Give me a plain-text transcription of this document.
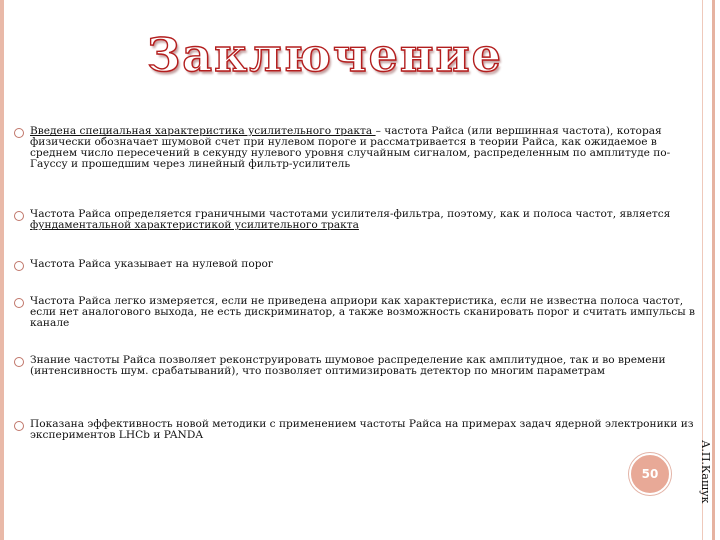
Заключение

Введена специальная характеристика усилительного тракта – частота Райса (или вершинная частота), которая физически обозначает шумовой счет при нулевом пороге и рассматривается в теории Райса, как ожидаемое в среднем число пересечений в секунду нулевого уровня случайным сигналом, распределенным по амплитуде по-Гауссу и прошедшим через линейный фильтр-усилитель

Частота Райса определяется граничными частотами усилителя-фильтра, поэтому, как и полоса частот, является фундаментальной характеристикой усилительного тракта

Частота Райса указывает на нулевой порог

Частота Райса легко измеряется, если не приведена априори как характеристика, если не известна полоса частот, если нет аналогового выхода, не есть дискриминатор, а также возможность сканировать порог и считать импульсы в канале

Знание частоты Райса позволяет реконструировать шумовое распределение как амплитудное, так и во времени (интенсивность шум. срабатываний), что позволяет оптимизировать детектор по многим параметрам

Показана эффективность новой методики с применением частоты Райса на примерах задач ядерной электроники из экспериментов LHCb и PANDA

50	А.П.Кашук
